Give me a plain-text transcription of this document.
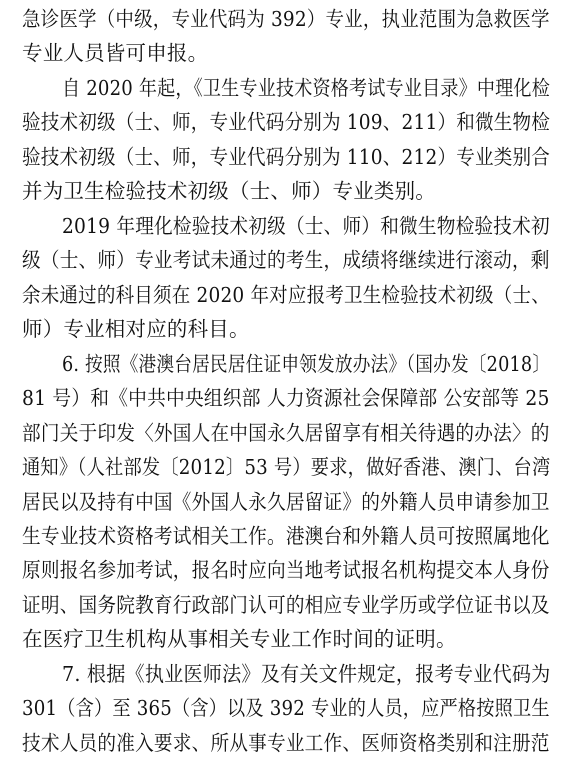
急诊医学（中级，专业代码为 392）专业，执业范围为急救医学
专业人员皆可申报。
自 2020 年起，《卫生专业技术资格考试专业目录》中理化检
验技术初级（士、师，专业代码分别为 109、211）和微生物检
验技术初级（士、师，专业代码分别为 110、212）专业类别合
并为卫生检验技术初级（士、师）专业类别。
2019 年理化检验技术初级（士、师）和微生物检验技术初
级（士、师）专业考试未通过的考生，成绩将继续进行滚动，剩
余未通过的科目须在 2020 年对应报考卫生检验技术初级（士、
师）专业相对应的科目。
6. 按照《港澳台居民居住证申领发放办法》（国办发〔2018〕
81 号）和《中共中央组织部 人力资源社会保障部 公安部等 25
部门关于印发〈外国人在中国永久居留享有相关待遇的办法〉的
通知》（人社部发〔2012〕53 号）要求，做好香港、澳门、台湾
居民以及持有中国《外国人永久居留证》的外籍人员申请参加卫
生专业技术资格考试相关工作。港澳台和外籍人员可按照属地化
原则报名参加考试，报名时应向当地考试报名机构提交本人身份
证明、国务院教育行政部门认可的相应专业学历或学位证书以及
在医疗卫生机构从事相关专业工作时间的证明。
7. 根据《执业医师法》及有关文件规定，报考专业代码为
301（含）至 365（含）以及 392 专业的人员，应严格按照卫生
技术人员的准入要求、所从事专业工作、医师资格类别和注册范
